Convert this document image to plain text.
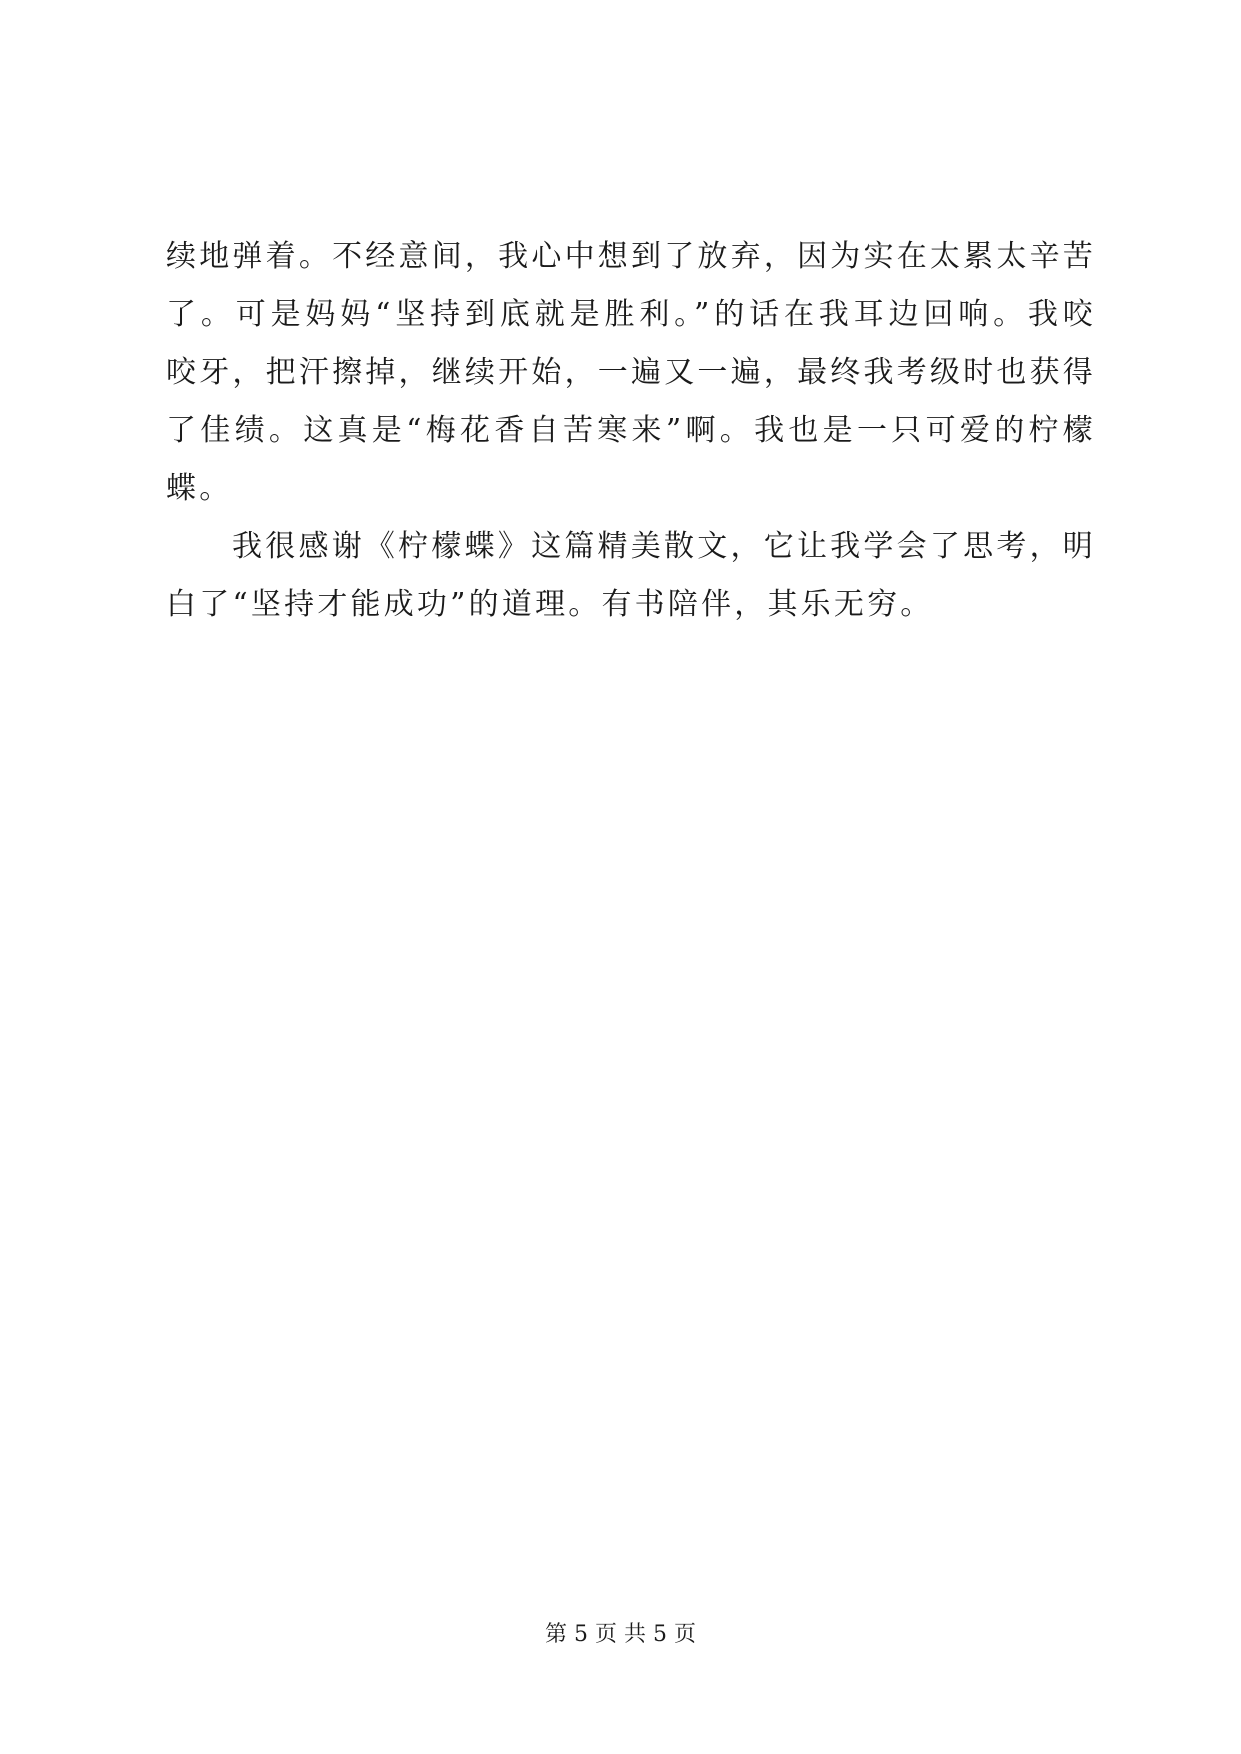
续地弹着。不经意间，我心中想到了放弃，因为实在太累太辛苦
了。可是妈妈“坚持到底就是胜利。”的话在我耳边回响。我咬
咬牙，把汗擦掉，继续开始，一遍又一遍，最终我考级时也获得
了佳绩。这真是“梅花香自苦寒来”啊。我也是一只可爱的柠檬
蝶。
我很感谢《柠檬蝶》这篇精美散文，它让我学会了思考，明
白了“坚持才能成功”的道理。有书陪伴，其乐无穷。
第 5 页 共 5 页
